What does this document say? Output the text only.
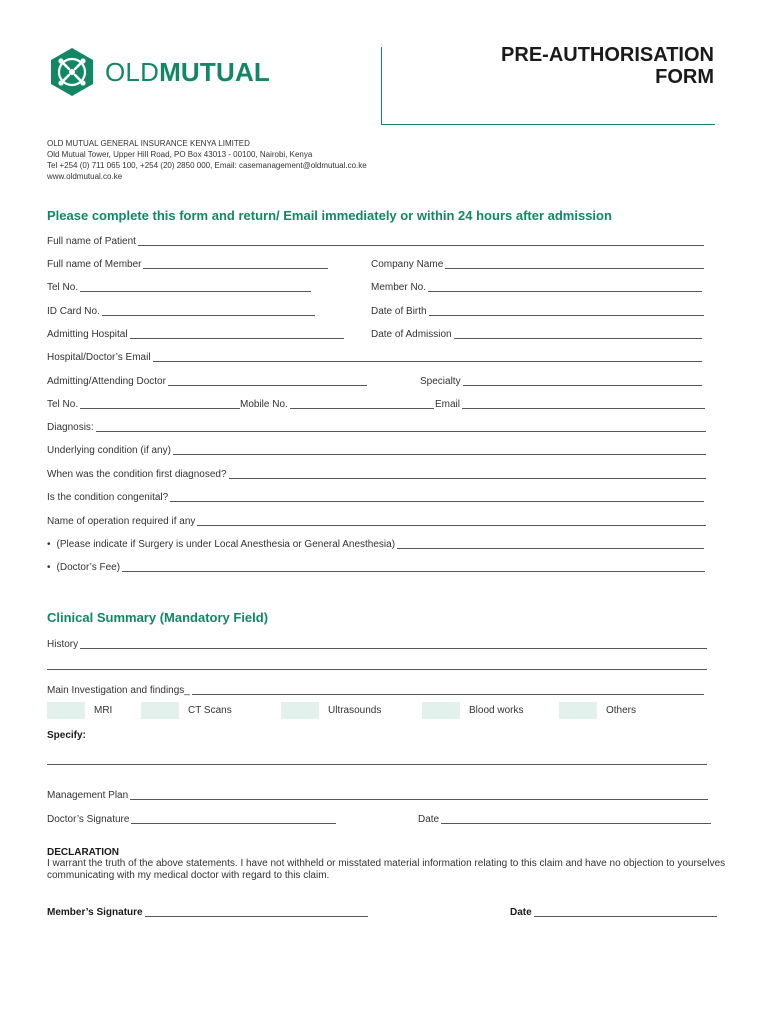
OLDMUTUAL
PRE-AUTHORISATION
FORM
OLD MUTUAL GENERAL INSURANCE KENYA LIMITED
Old Mutual Tower, Upper Hill Road, PO Box 43013 - 00100, Nairobi, Kenya
Tel +254 (0) 711 065 100, +254 (20) 2850 000, Email: casemanagement@oldmutual.co.ke
www.oldmutual.co.ke
Please complete this form and return/ Email immediately or within 24 hours after admission
Full name of Patient
Full name of Member	Company Name
Tel No.	Member No.
ID Card No.	Date of Birth
Admitting Hospital	Date of Admission
Hospital/Doctor’s Email
Admitting/Attending Doctor	Specialty
Tel No.	Mobile No.	Email
Diagnosis:
Underlying condition (if any)
When was the condition first diagnosed?
Is the condition congenital?
Name of operation required if any
• (Please indicate if Surgery is under Local Anesthesia or General Anesthesia)
• (Doctor’s Fee)
Clinical Summary (Mandatory Field)
History
Main Investigation and findings_
MRI	CT Scans	Ultrasounds	Blood works	Others
Specify:
Management Plan
Doctor’s Signature	Date
DECLARATION
I warrant the truth of the above statements. I have not withheld or misstated material information relating to this claim and have no objection to yourselves communicating with my medical doctor with regard to this claim.
Member’s Signature	Date
